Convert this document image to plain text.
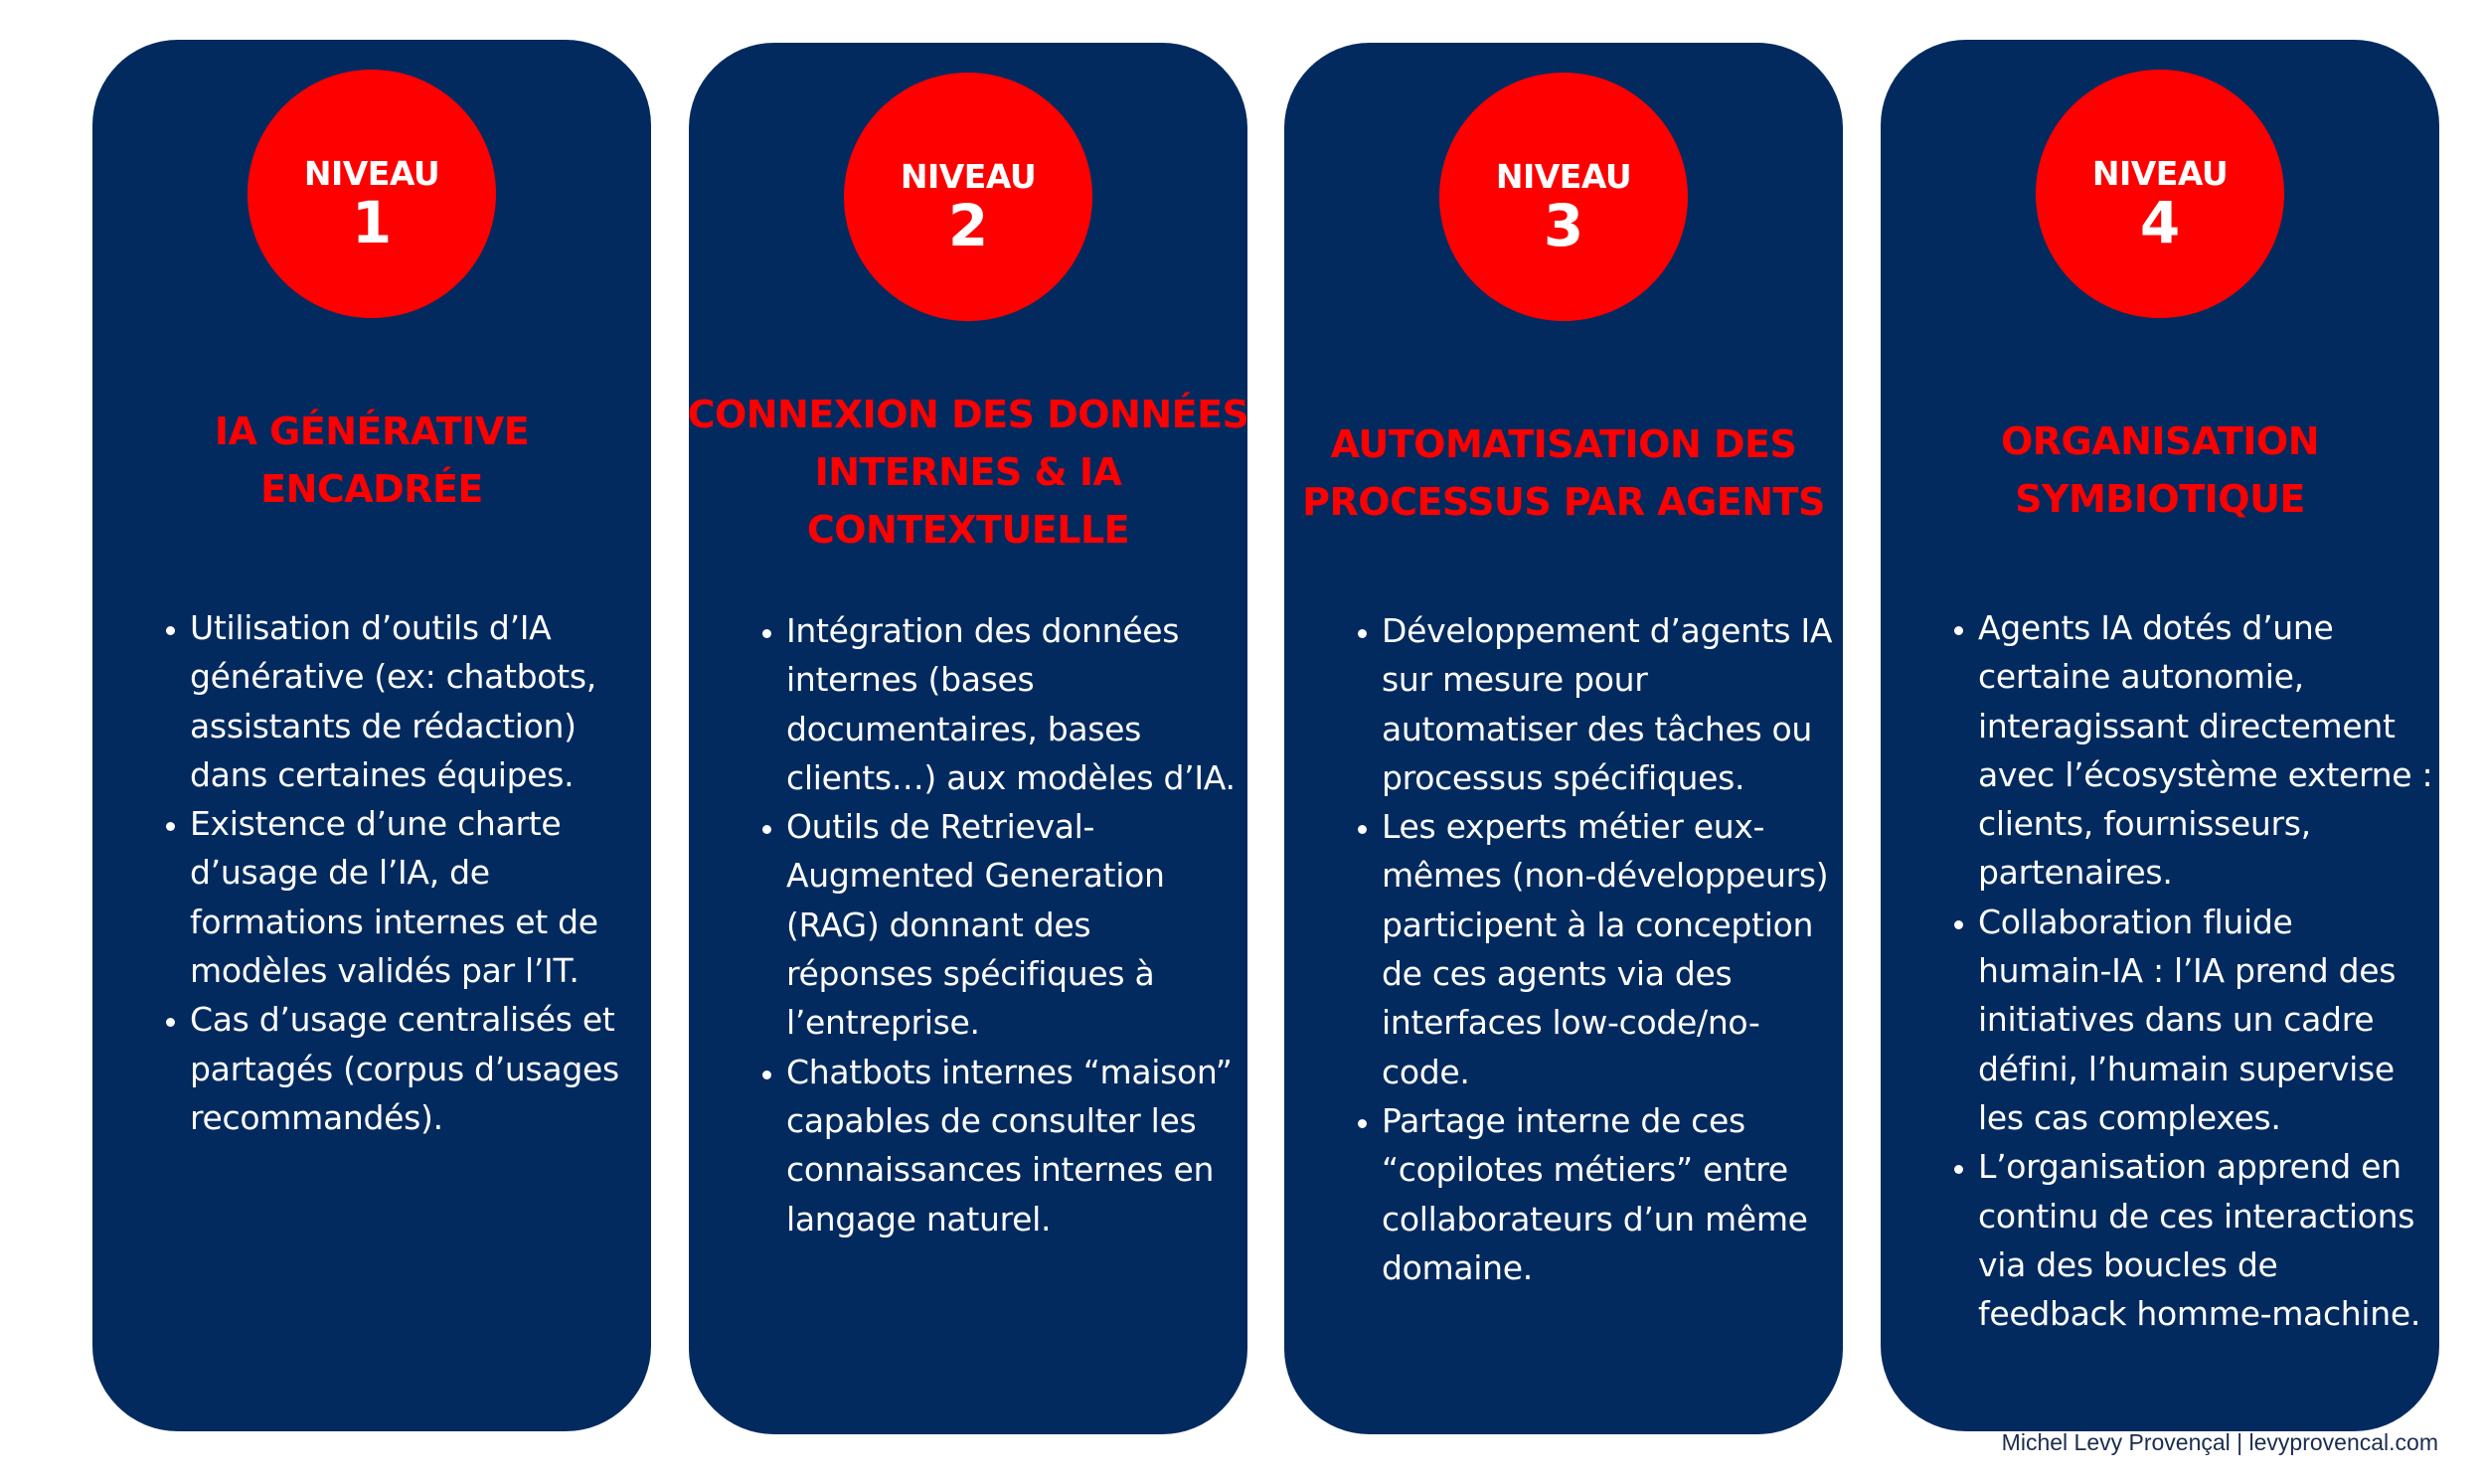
NIVEAU
1
IA GÉNÉRATIVE
ENCADRÉE
• Utilisation d’outils d’IA générative (ex: chatbots, assistants de rédaction) dans certaines équipes.
• Existence d’une charte d’usage de l’IA, de formations internes et de modèles validés par l’IT.
• Cas d’usage centralisés et partagés (corpus d’usages recommandés).
NIVEAU
2
CONNEXION DES DONNÉES
INTERNES & IA
CONTEXTUELLE
• Intégration des données internes (bases documentaires, bases clients…) aux modèles d’IA.
• Outils de Retrieval-Augmented Generation (RAG) donnant des réponses spécifiques à l’entreprise.
• Chatbots internes “maison” capables de consulter les connaissances internes en langage naturel.
NIVEAU
3
AUTOMATISATION DES
PROCESSUS PAR AGENTS
• Développement d’agents IA sur mesure pour automatiser des tâches ou processus spécifiques.
• Les experts métier eux-mêmes (non-développeurs) participent à la conception de ces agents via des interfaces low-code/no-code.
• Partage interne de ces “copilotes métiers” entre collaborateurs d’un même domaine.
NIVEAU
4
ORGANISATION
SYMBIOTIQUE
• Agents IA dotés d’une certaine autonomie, interagissant directement avec l’écosystème externe : clients, fournisseurs, partenaires.
• Collaboration fluide humain-IA : l’IA prend des initiatives dans un cadre défini, l’humain supervise les cas complexes.
• L’organisation apprend en continu de ces interactions via des boucles de feedback homme-machine.
Michel Levy Provençal | levyprovencal.com
